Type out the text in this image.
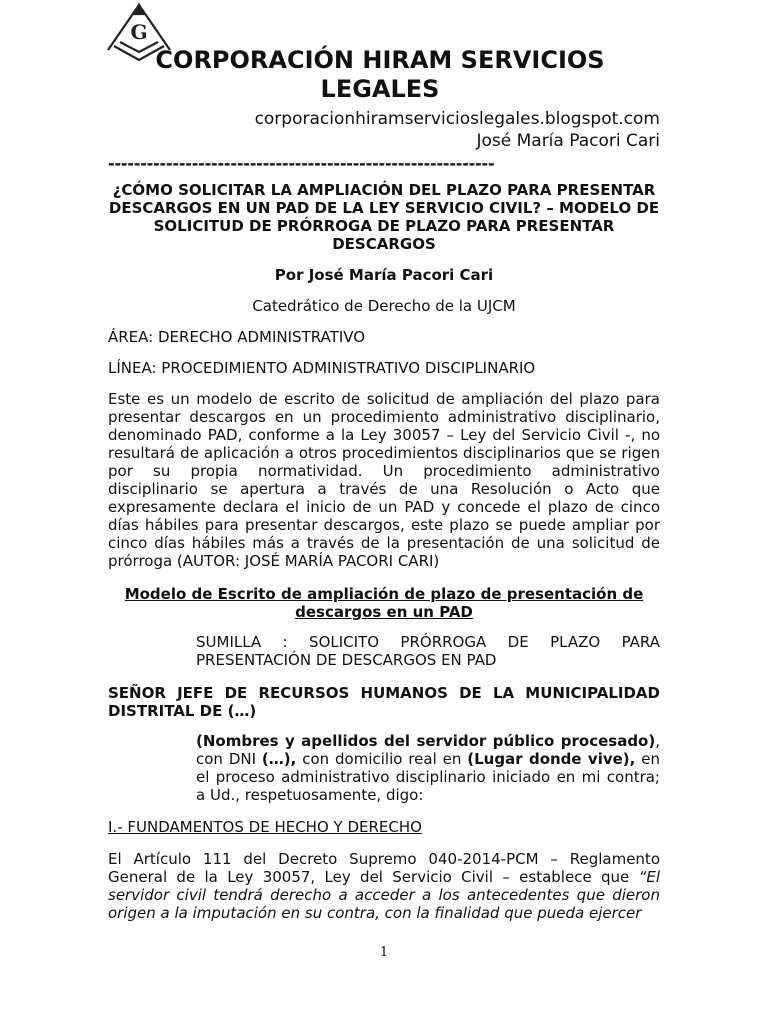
G
CORPORACIÓN HIRAM SERVICIOS LEGALES
corporacionhiramservicioslegales.blogspot.com
José María Pacori Cari
------------------------------------------------------------
¿CÓMO SOLICITAR LA AMPLIACIÓN DEL PLAZO PARA PRESENTAR DESCARGOS EN UN PAD DE LA LEY SERVICIO CIVIL? – MODELO DE SOLICITUD DE PRÓRROGA DE PLAZO PARA PRESENTAR DESCARGOS
Por José María Pacori Cari
Catedrático de Derecho de la UJCM
ÁREA: DERECHO ADMINISTRATIVO
LÍNEA: PROCEDIMIENTO ADMINISTRATIVO DISCIPLINARIO
Este es un modelo de escrito de solicitud de ampliación del plazo para presentar descargos en un procedimiento administrativo disciplinario, denominado PAD, conforme a la Ley 30057 – Ley del Servicio Civil -, no resultará de aplicación a otros procedimientos disciplinarios que se rigen por su propia normatividad. Un procedimiento administrativo disciplinario se apertura a través de una Resolución o Acto que expresamente declara el inicio de un PAD y concede el plazo de cinco días hábiles para presentar descargos, este plazo se puede ampliar por cinco días hábiles más a través de la presentación de una solicitud de prórroga (AUTOR: JOSÉ MARÍA PACORI CARI)
Modelo de Escrito de ampliación de plazo de presentación de descargos en un PAD
SUMILLA : SOLICITO PRÓRROGA DE PLAZO PARA PRESENTACIÓN DE DESCARGOS EN PAD
SEÑOR JEFE DE RECURSOS HUMANOS DE LA MUNICIPALIDAD DISTRITAL DE (…)
(Nombres y apellidos del servidor público procesado), con DNI (…), con domicilio real en (Lugar donde vive), en el proceso administrativo disciplinario iniciado en mi contra; a Ud., respetuosamente, digo:
I.- FUNDAMENTOS DE HECHO Y DERECHO
El Artículo 111 del Decreto Supremo 040-2014-PCM – Reglamento General de la Ley 30057, Ley del Servicio Civil – establece que “El servidor civil tendrá derecho a acceder a los antecedentes que dieron origen a la imputación en su contra, con la finalidad que pueda ejercer
1
